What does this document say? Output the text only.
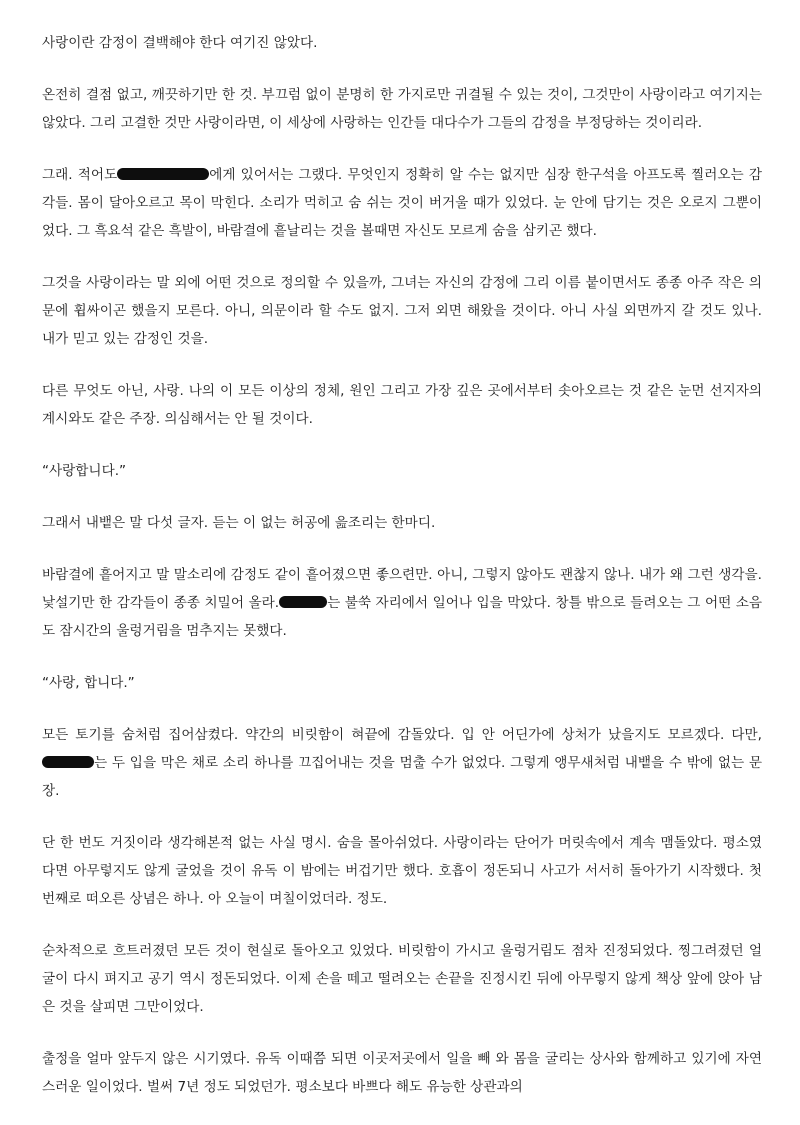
사랑이란 감정이 결백해야 한다 여기진 않았다.

온전히 결점 없고, 깨끗하기만 한 것. 부끄럼 없이 분명히 한 가지로만 귀결될 수 있는 것이, 그것만이 사랑이라고 여기지는 않았다. 그리 고결한 것만 사랑이라면, 이 세상에 사랑하는 인간들 대다수가 그들의 감정을 부정당하는 것이리라.

그래. 적어도	에게 있어서는 그랬다. 무엇인지 정확히 알 수는 없지만 심장 한구석을 아프도록 찔러오는 감각들. 몸이 달아오르고 목이 막힌다. 소리가 먹히고 숨 쉬는 것이 버거울 때가 있었다. 눈 안에 담기는 것은 오로지 그뿐이었다. 그 흑요석 같은 흑발이, 바람결에 흩날리는 것을 볼때면 자신도 모르게 숨을 삼키곤 했다.

그것을 사랑이라는 말 외에 어떤 것으로 정의할 수 있을까, 그녀는 자신의 감정에 그리 이름 붙이면서도 종종 아주 작은 의문에 휩싸이곤 했을지 모른다. 아니, 의문이라 할 수도 없지. 그저 외면 해왔을 것이다. 아니 사실 외면까지 갈 것도 있나. 내가 믿고 있는 감정인 것을.

다른 무엇도 아닌, 사랑. 나의 이 모든 이상의 정체, 원인 그리고 가장 깊은 곳에서부터 솟아오르는 것 같은 눈먼 선지자의 계시와도 같은 주장. 의심해서는 안 될 것이다.

“사랑합니다.”

그래서 내뱉은 말 다섯 글자. 듣는 이 없는 허공에 읊조리는 한마디.

바람결에 흩어지고 말 말소리에 감정도 같이 흩어졌으면 좋으련만. 아니, 그렇지 않아도 괜찮지 않나. 내가 왜 그런 생각을. 낯설기만 한 감각들이 종종 치밀어 올라.	는 불쑥 자리에서 일어나 입을 막았다. 창틀 밖으로 들려오는 그 어떤 소음도 잠시간의 울렁거림을 멈추지는 못했다.

“사랑, 합니다.”

모든 토기를 숨처럼 집어삼켰다. 약간의 비릿함이 혀끝에 감돌았다. 입 안 어딘가에 상처가 났을지도 모르겠다. 다만,는 두 입을 막은 채로 소리 하나를 끄집어내는 것을 멈출 수가 없었다. 그렇게 앵무새처럼 내뱉을 수 밖에 없는 문장.

단 한 번도 거짓이라 생각해본적 없는 사실 명시. 숨을 몰아쉬었다. 사랑이라는 단어가 머릿속에서 계속 맴돌았다. 평소였다면 아무렇지도 않게 굴었을 것이 유독 이 밤에는 버겁기만 했다. 호흡이 정돈되니 사고가 서서히 돌아가기 시작했다. 첫 번째로 떠오른 상념은 하나. 아 오늘이 며칠이었더라. 정도.

순차적으로 흐트러졌던 모든 것이 현실로 돌아오고 있었다. 비릿함이 가시고 울렁거림도 점차 진정되었다. 찡그려졌던 얼굴이 다시 펴지고 공기 역시 정돈되었다. 이제 손을 떼고 떨려오는 손끝을 진정시킨 뒤에 아무렇지 않게 책상 앞에 앉아 남은 것을 살피면 그만이었다.

출정을 얼마 앞두지 않은 시기였다. 유독 이때쯤 되면 이곳저곳에서 일을 빼 와 몸을 굴리는 상사와 함께하고 있기에 자연스러운 일이었다. 벌써 7년 정도 되었던가. 평소보다 바쁘다 해도 유능한 상관과의
